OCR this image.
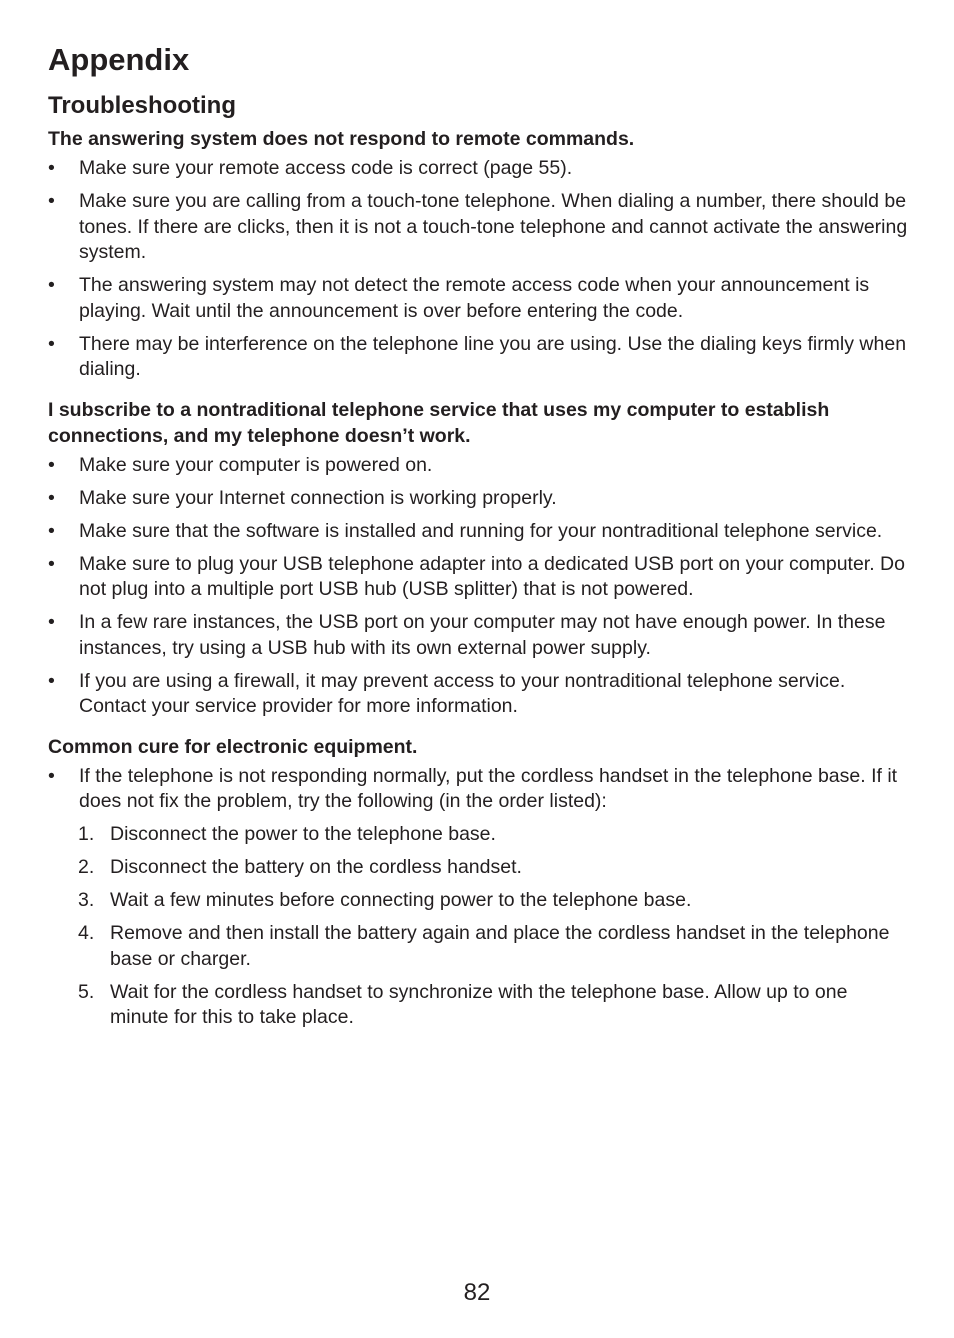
Appendix
Troubleshooting

The answering system does not respond to remote commands.

• Make sure your remote access code is correct (page 55).
• Make sure you are calling from a touch-tone telephone. When dialing a number, there should be tones. If there are clicks, then it is not a touch-tone telephone and cannot activate the answering system.
• The answering system may not detect the remote access code when your announcement is playing. Wait until the announcement is over before entering the code.
• There may be interference on the telephone line you are using. Use the dialing keys firmly when dialing.

I subscribe to a nontraditional telephone service that uses my computer to establish connections, and my telephone doesn’t work.

• Make sure your computer is powered on.
• Make sure your Internet connection is working properly.
• Make sure that the software is installed and running for your nontraditional telephone service.
• Make sure to plug your USB telephone adapter into a dedicated USB port on your computer. Do not plug into a multiple port USB hub (USB splitter) that is not powered.
• In a few rare instances, the USB port on your computer may not have enough power. In these instances, try using a USB hub with its own external power supply.
• If you are using a firewall, it may prevent access to your nontraditional telephone service. Contact your service provider for more information.

Common cure for electronic equipment.

• If the telephone is not responding normally, put the cordless handset in the telephone base. If it does not fix the problem, try the following (in the order listed):
1. Disconnect the power to the telephone base.
2. Disconnect the battery on the cordless handset.
3. Wait a few minutes before connecting power to the telephone base.
4. Remove and then install the battery again and place the cordless handset in the telephone base or charger.
5. Wait for the cordless handset to synchronize with the telephone base. Allow up to one minute for this to take place.
82
